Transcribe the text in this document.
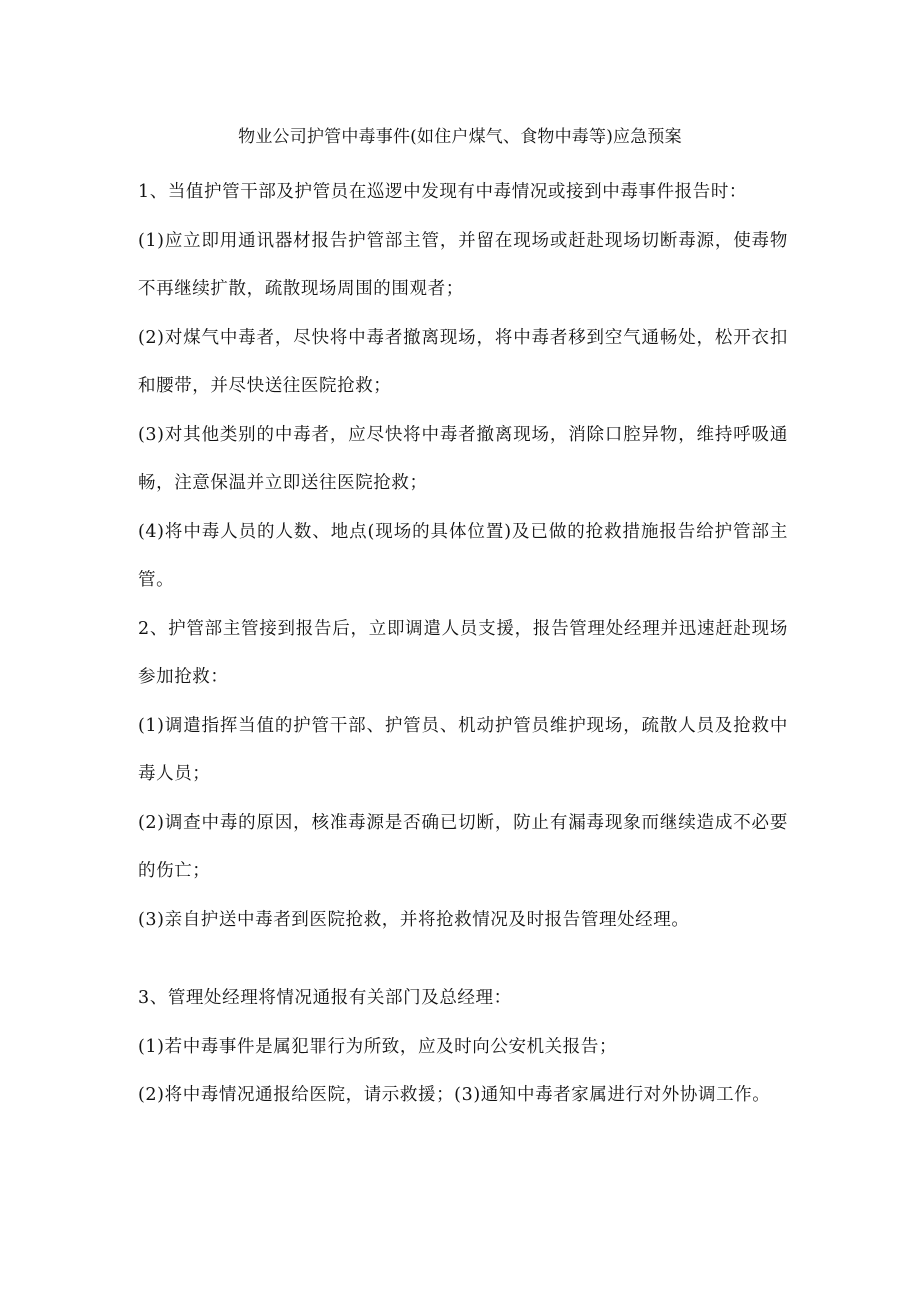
物业公司护管中毒事件(如住户煤气、食物中毒等)应急预案

1、当值护管干部及护管员在巡逻中发现有中毒情况或接到中毒事件报告时：

(1)应立即用通讯器材报告护管部主管，并留在现场或赶赴现场切断毒源，使毒物不再继续扩散，疏散现场周围的围观者；

(2)对煤气中毒者，尽快将中毒者撤离现场，将中毒者移到空气通畅处，松开衣扣和腰带，并尽快送往医院抢救；

(3)对其他类别的中毒者，应尽快将中毒者撤离现场，消除口腔异物，维持呼吸通畅，注意保温并立即送往医院抢救；

(4)将中毒人员的人数、地点(现场的具体位置)及已做的抢救措施报告给护管部主管。

2、护管部主管接到报告后，立即调遣人员支援，报告管理处经理并迅速赶赴现场参加抢救：

(1)调遣指挥当值的护管干部、护管员、机动护管员维护现场，疏散人员及抢救中毒人员；

(2)调查中毒的原因，核准毒源是否确已切断，防止有漏毒现象而继续造成不必要的伤亡；

(3)亲自护送中毒者到医院抢救，并将抢救情况及时报告管理处经理。

3、管理处经理将情况通报有关部门及总经理：

(1)若中毒事件是属犯罪行为所致，应及时向公安机关报告；

(2)将中毒情况通报给医院，请示救援；(3)通知中毒者家属进行对外协调工作。
